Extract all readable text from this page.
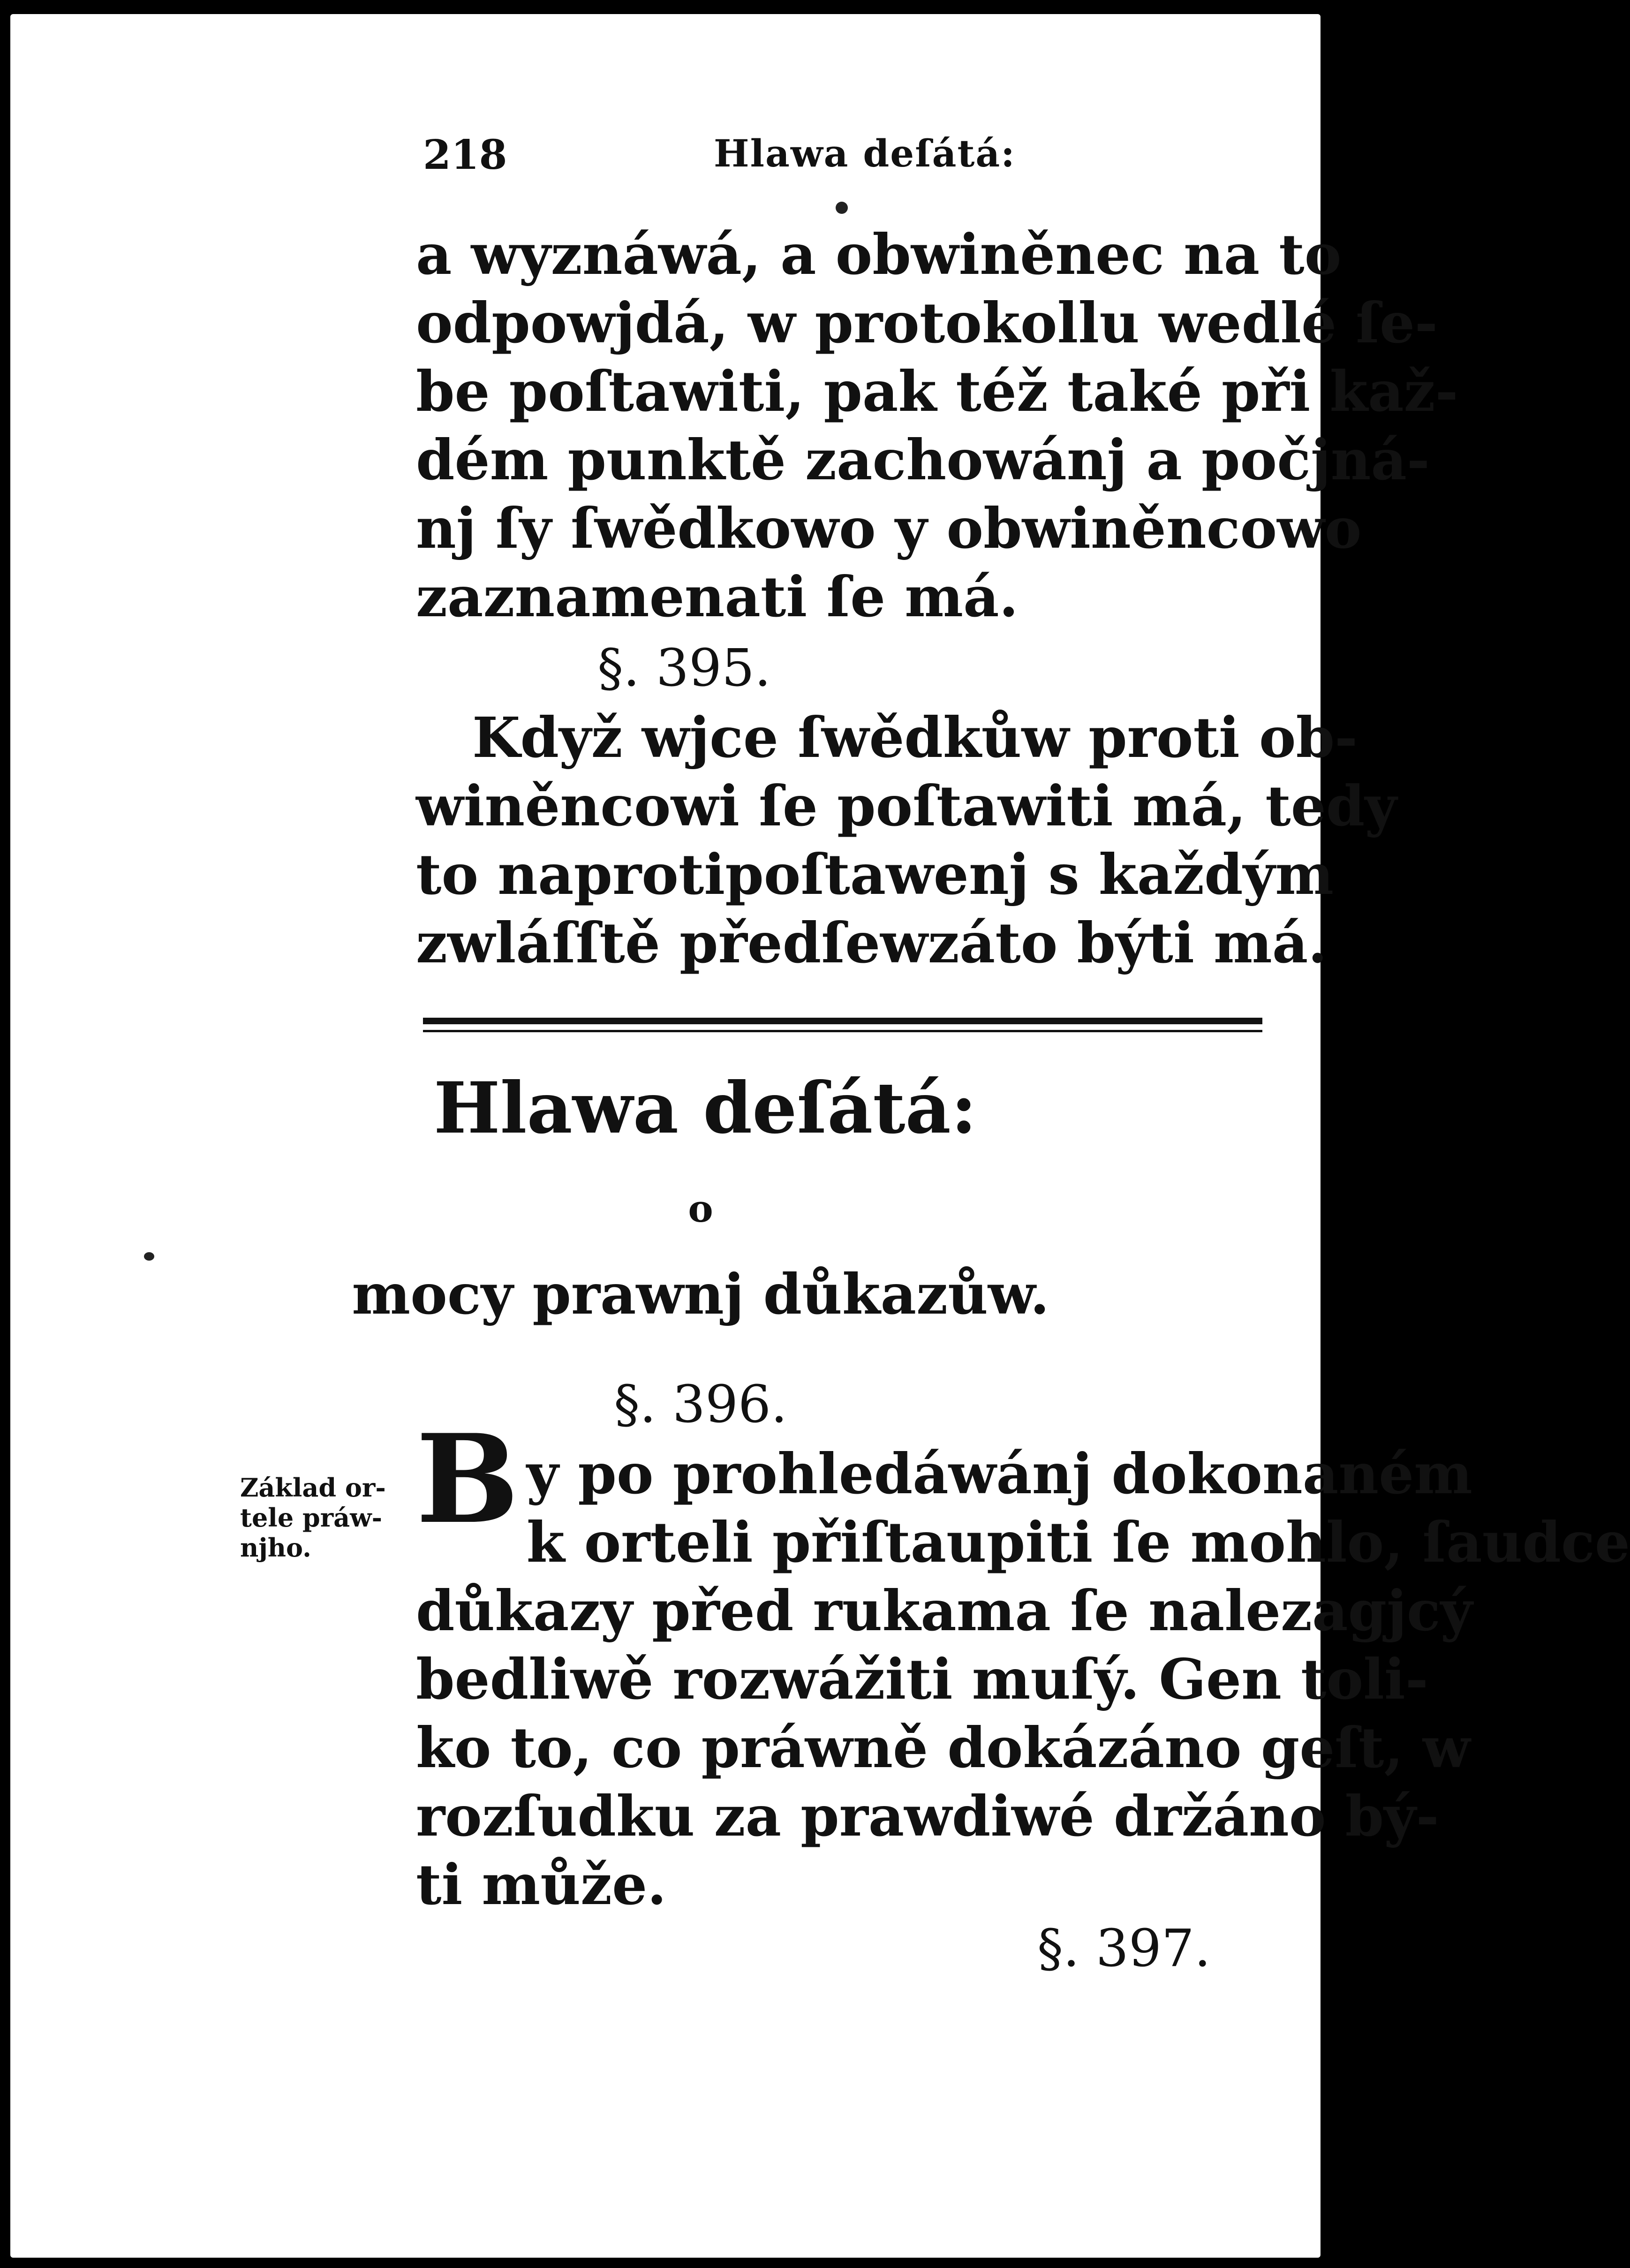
218	Hlawa deſátá:
a wyznáwá, a obwiněnec na to
odpowjdá, w protokollu wedlé ſe-
be poſtawiti, pak též také při kaž-
dém punktě zachowánj a počjná-
nj ſy ſwědkowo y obwiněncowo
zaznamenati ſe má.
§. 395.
Když wjce ſwědkůw proti ob-
winěncowi ſe poſtawiti má, tedy
to naprotipoſtawenj s každým
zwláſſtě předſewzáto býti má.
Hlawa deſátá:
o
mocy prawnj důkazůw.
§. 396.
Základ or- tele práw- njho. B y po prohledáwánj dokonaném
k orteli přiſtaupiti ſe mohlo, ſaudce
důkazy před rukama ſe nalezagjcý
bedliwě rozwážiti muſý. Gen toli-
ko to, co práwně dokázáno geſt, w
rozſudku za prawdiwé držáno bý-
ti může.
§. 397.
